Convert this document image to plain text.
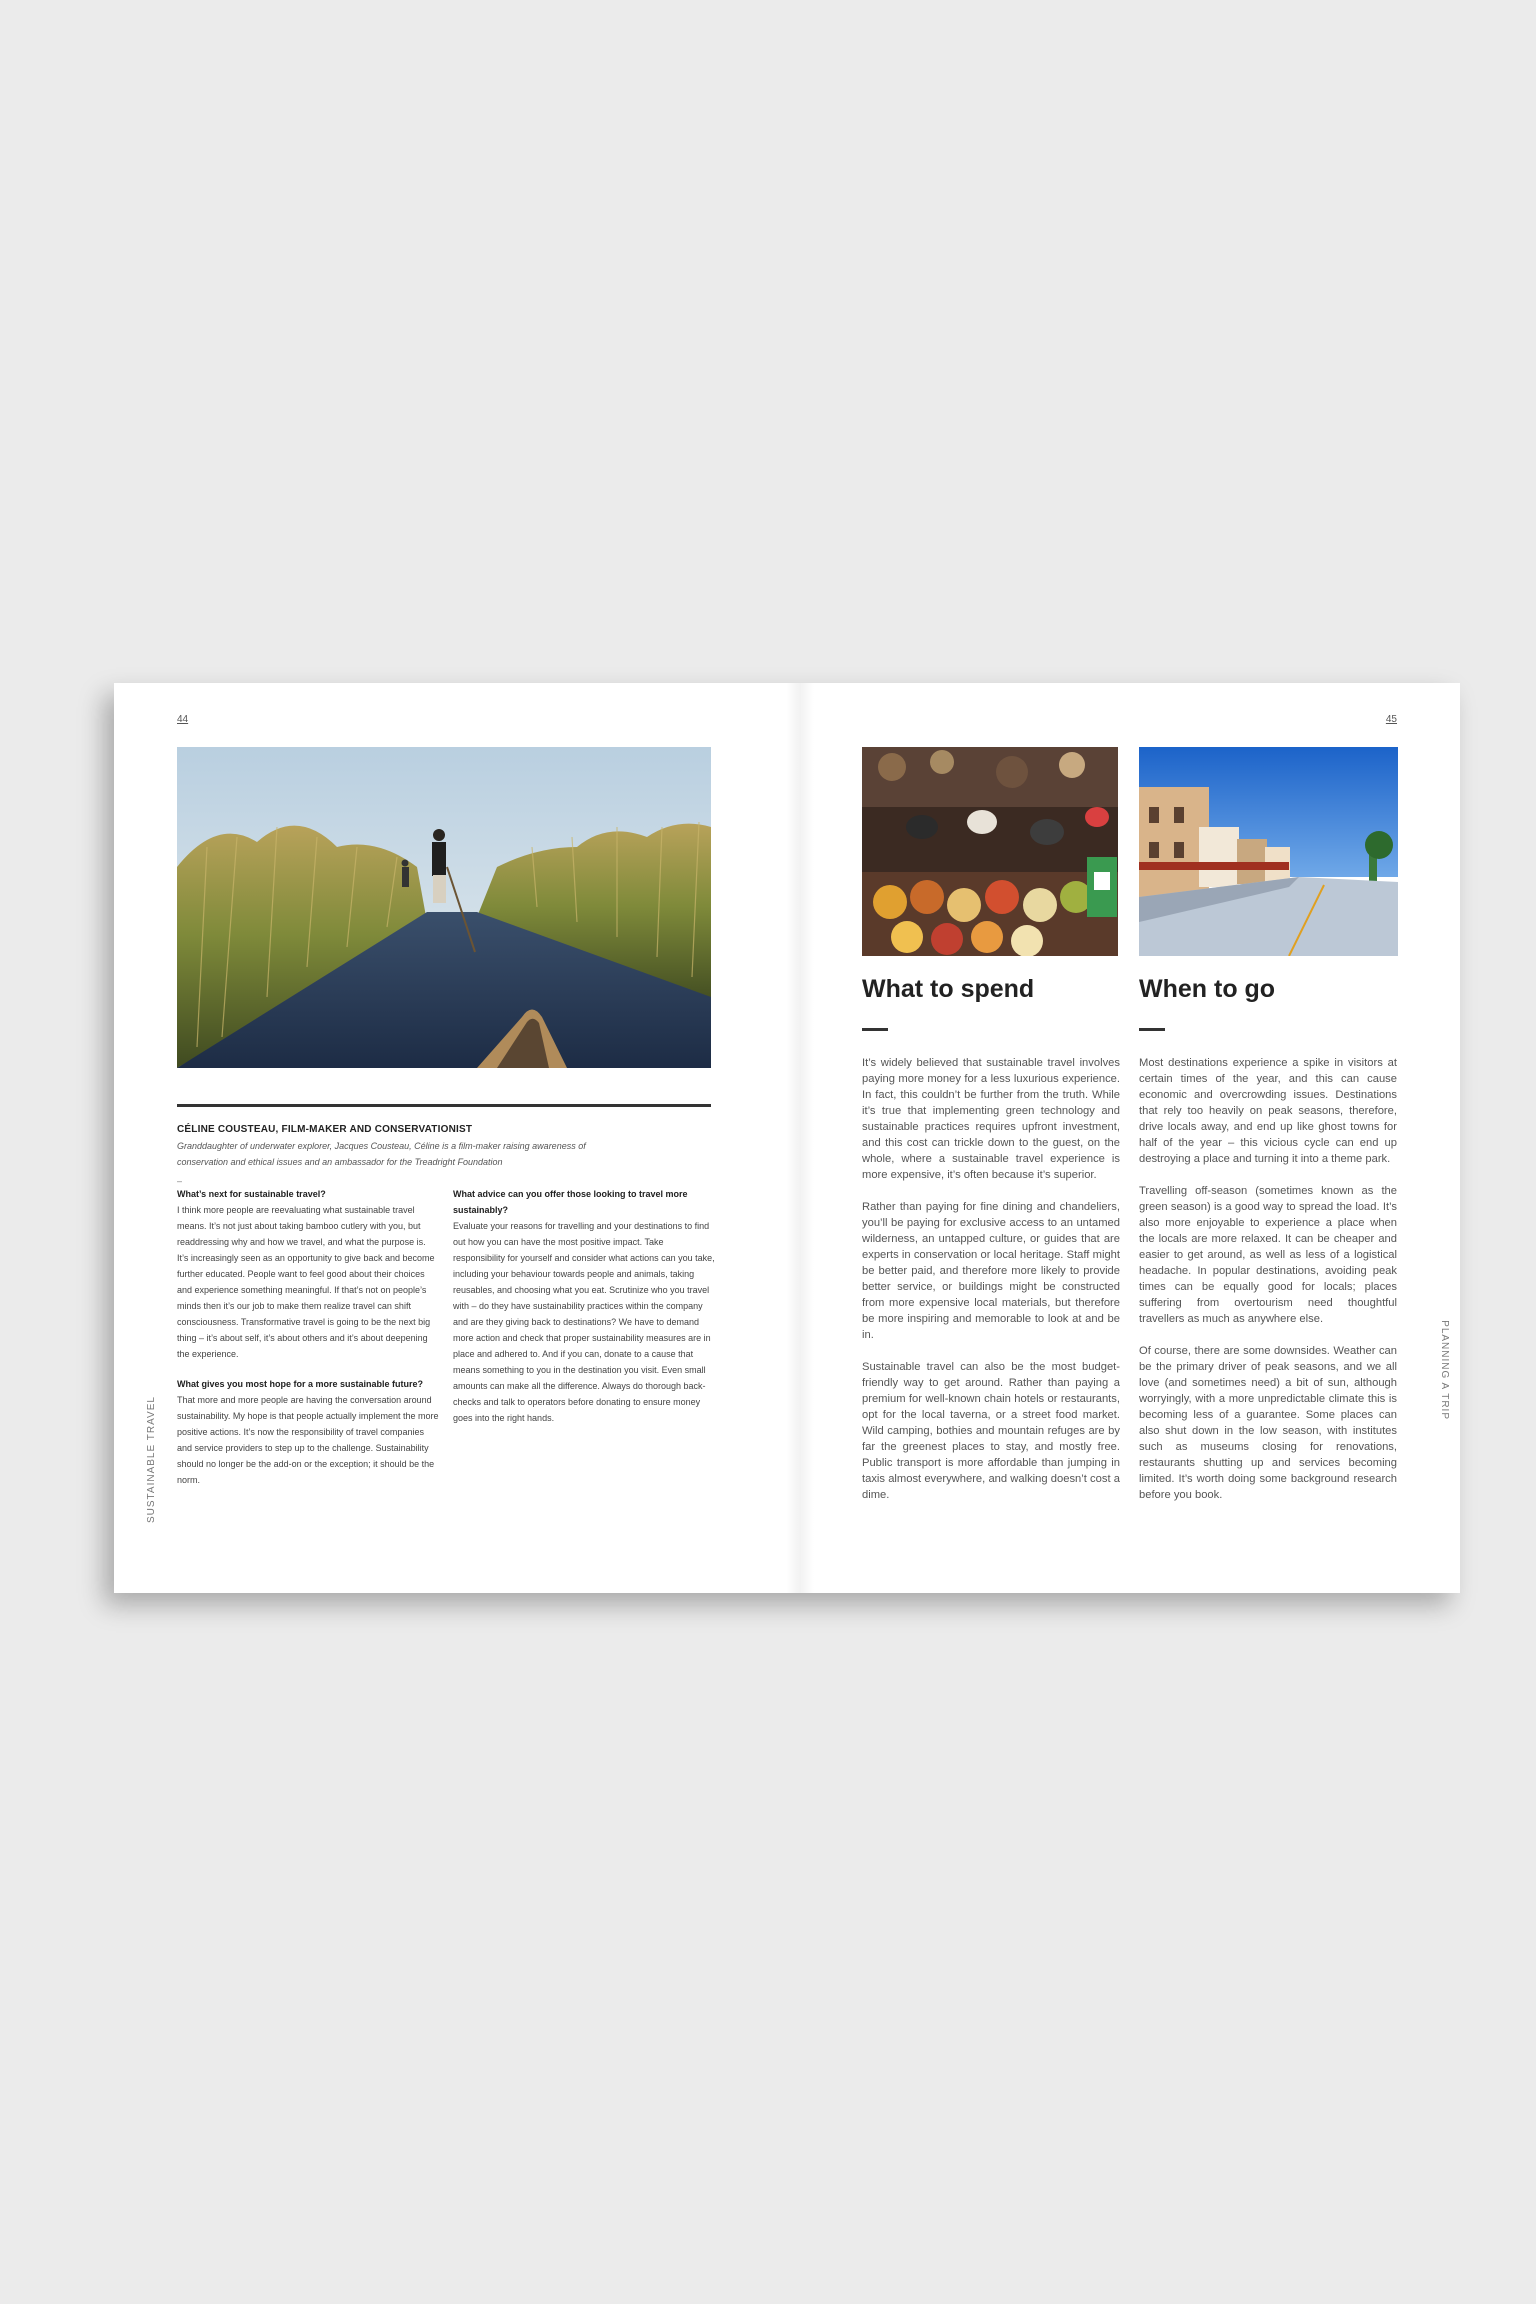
44
SUSTAINABLE TRAVEL
CÉLINE COUSTEAU, FILM-MAKER AND CONSERVATIONIST
Granddaughter of underwater explorer, Jacques Cousteau, Céline is a film-maker raising awareness of conservation and ethical issues and an ambassador for the Treadright Foundation
–

What’s next for sustainable travel?

I think more people are reevaluating what sustainable travel means. It’s not just about taking bamboo cutlery with you, but readdressing why and how we travel, and what the purpose is. It’s increasingly seen as an opportunity to give back and become further educated. People want to feel good about their choices and experience something meaningful. If that’s not on people’s minds then it’s our job to make them realize travel can shift consciousness. Transformative travel is going to be the next big thing – it’s about self, it’s about others and it’s about deepening the experience.

What gives you most hope for a more sustainable future?

That more and more people are having the conversation around sustainability. My hope is that people actually implement the more positive actions. It’s now the responsibility of travel companies and service providers to step up to the challenge. Sustainability should no longer be the add-on or the exception; it should be the norm.

What advice can you offer those looking to travel more sustainably?

Evaluate your reasons for travelling and your destinations to find out how you can have the most positive impact. Take responsibility for yourself and consider what actions can you take, including your behaviour towards people and animals, taking reusables, and choosing what you eat. Scrutinize who you travel with – do they have sustainability practices within the company and are they giving back to destinations? We have to demand more action and check that proper sustainability measures are in place and adhered to. And if you can, donate to a cause that means something to you in the destination you visit. Even small amounts can make all the difference. Always do thorough back-checks and talk to operators before donating to ensure money goes into the right hands.

45
PLANNING A TRIP
What to spend	When to go

It’s widely believed that sustainable travel involves paying more money for a less luxurious experience. In fact, this couldn’t be further from the truth. While it’s true that implementing green technology and sustainable practices requires upfront investment, and this cost can trickle down to the guest, on the whole, where a sustainable travel experience is more expensive, it’s often because it’s superior.

Rather than paying for fine dining and chandeliers, you’ll be paying for exclusive access to an untamed wilderness, an untapped culture, or guides that are experts in conservation or local heritage. Staff might be better paid, and therefore more likely to provide better service, or buildings might be constructed from more expensive local materials, but therefore be more inspiring and memorable to look at and be in.

Sustainable travel can also be the most budget-friendly way to get around. Rather than paying a premium for well-known chain hotels or restaurants, opt for the local taverna, or a street food market. Wild camping, bothies and mountain refuges are by far the greenest places to stay, and mostly free. Public transport is more affordable than jumping in taxis almost everywhere, and walking doesn’t cost a dime.

Most destinations experience a spike in visitors at certain times of the year, and this can cause economic and overcrowding issues. Destinations that rely too heavily on peak seasons, therefore, drive locals away, and end up like ghost towns for half of the year – this vicious cycle can end up destroying a place and turning it into a theme park.

Travelling off-season (sometimes known as the green season) is a good way to spread the load. It’s also more enjoyable to experience a place when the locals are more relaxed. It can be cheaper and easier to get around, as well as less of a logistical headache. In popular destinations, avoiding peak times can be equally good for locals; places suffering from overtourism need thoughtful travellers as much as anywhere else.

Of course, there are some downsides. Weather can be the primary driver of peak seasons, and we all love (and sometimes need) a bit of sun, although worryingly, with a more unpredictable climate this is becoming less of a guarantee. Some places can also shut down in the low season, with institutes such as museums closing for renovations, restaurants shutting up and services becoming limited. It’s worth doing some background research before you book.
